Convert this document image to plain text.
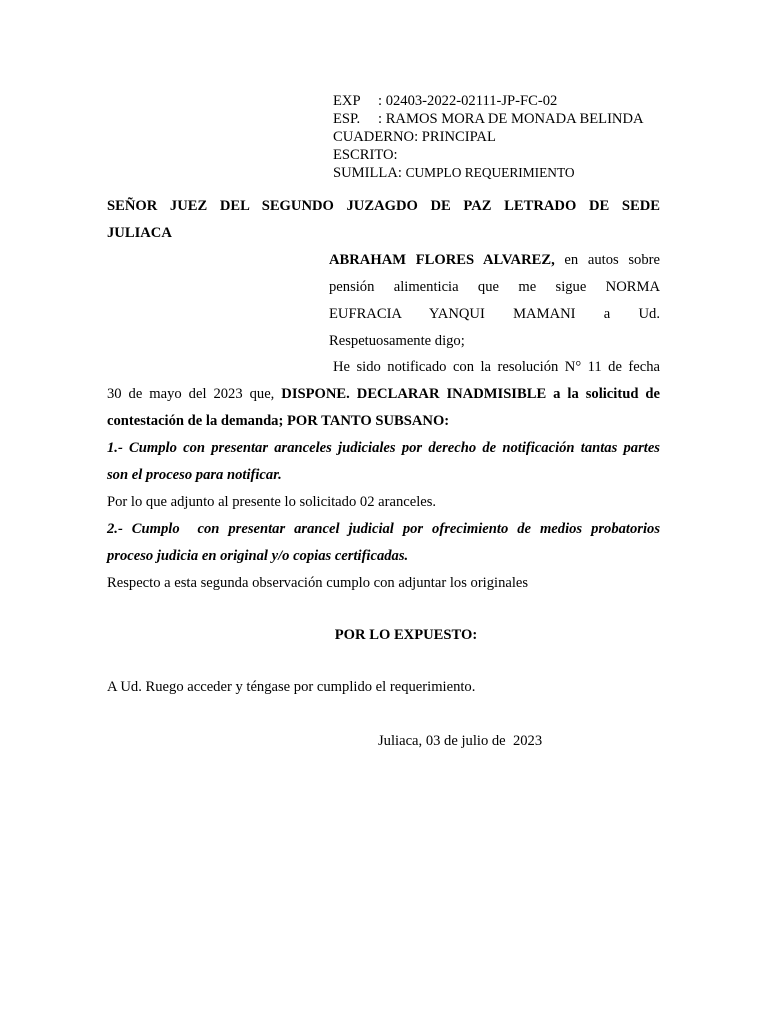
EXP : 02403-2022-02111-JP-FC-02
ESP. : RAMOS MORA DE MONADA BELINDA
CUADERNO: PRINCIPAL
ESCRITO:
SUMILLA: CUMPLO REQUERIMIENTO
SEÑOR JUEZ DEL SEGUNDO JUZAGDO DE PAZ LETRADO DE SEDE
JULIACA
ABRAHAM FLORES ALVAREZ, en autos sobre
pensión alimenticia que me sigue NORMA
EUFRACIA YANQUI MAMANI a Ud.
Respetuosamente digo;
He sido notificado con la resolución N° 11 de fecha
30 de mayo del 2023 que, DISPONE. DECLARAR INADMISIBLE a la solicitud de
contestación de la demanda; POR TANTO SUBSANO:
1.- Cumplo con presentar aranceles judiciales por derecho de notificación tantas partes
son el proceso para notificar.
Por lo que adjunto al presente lo solicitado 02 aranceles.
2.- Cumplo  con presentar arancel judicial por ofrecimiento de medios probatorios
proceso judicia en original y/o copias certificadas.
Respecto a esta segunda observación cumplo con adjuntar los originales
POR LO EXPUESTO:
A Ud. Ruego acceder y téngase por cumplido el requerimiento.
Juliaca, 03 de julio de  2023
